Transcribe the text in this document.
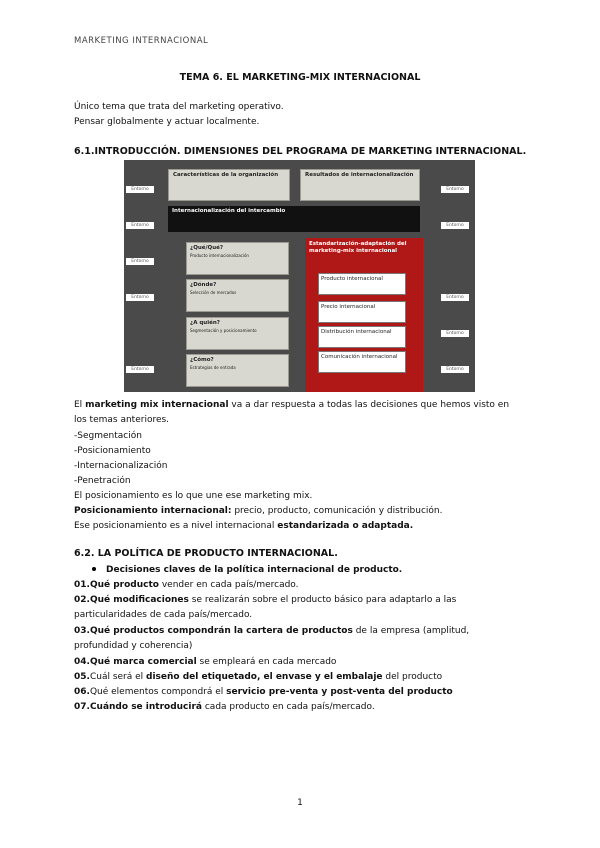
MARKETING INTERNACIONAL
TEMA 6. EL MARKETING-MIX INTERNACIONAL
Único tema que trata del marketing operativo.
Pensar globalmente y actuar localmente.
6.1.INTRODUCCIÓN. DIMENSIONES DEL PROGRAMA DE MARKETING INTERNACIONAL.
Características de la organización	Resultados de internacionalización
Internacionalización del intercambio
¿Qué/Qué?
Producto internacionalización
¿Dónde?
Selección de mercados
¿A quién?
Segmentación y posicionamiento
¿Cómo?
Estrategias de entrada
Estandarización-adaptación del marketing-mix internacional
Producto internacional
Precio internacional
Distribución internacional
Comunicación internacional
Entorno
Entorno
Entorno
Entorno
Entorno
Entorno
Entorno
Entorno
Entorno
Entorno
El marketing mix internacional va a dar respuesta a todas las decisiones que hemos visto en los temas anteriores.
-Segmentación
-Posicionamiento
-Internacionalización
-Penetración
El posicionamiento es lo que une ese marketing mix.
Posicionamiento internacional: precio, producto, comunicación y distribución.
Ese posicionamiento es a nivel internacional estandarizada o adaptada.
6.2. LA POLÍTICA DE PRODUCTO INTERNACIONAL.
Decisiones claves de la política internacional de producto.
01.Qué producto vender en cada país/mercado.
02.Qué modificaciones se realizarán sobre el producto básico para adaptarlo a las particularidades de cada país/mercado.
03.Qué productos compondrán la cartera de productos de la empresa (amplitud, profundidad y coherencia)
04.Qué marca comercial se empleará en cada mercado
05.Cuál será el diseño del etiquetado, el envase y el embalaje del producto
06.Qué elementos compondrá el servicio pre-venta y post-venta del producto
07.Cuándo se introducirá cada producto en cada país/mercado.
1
